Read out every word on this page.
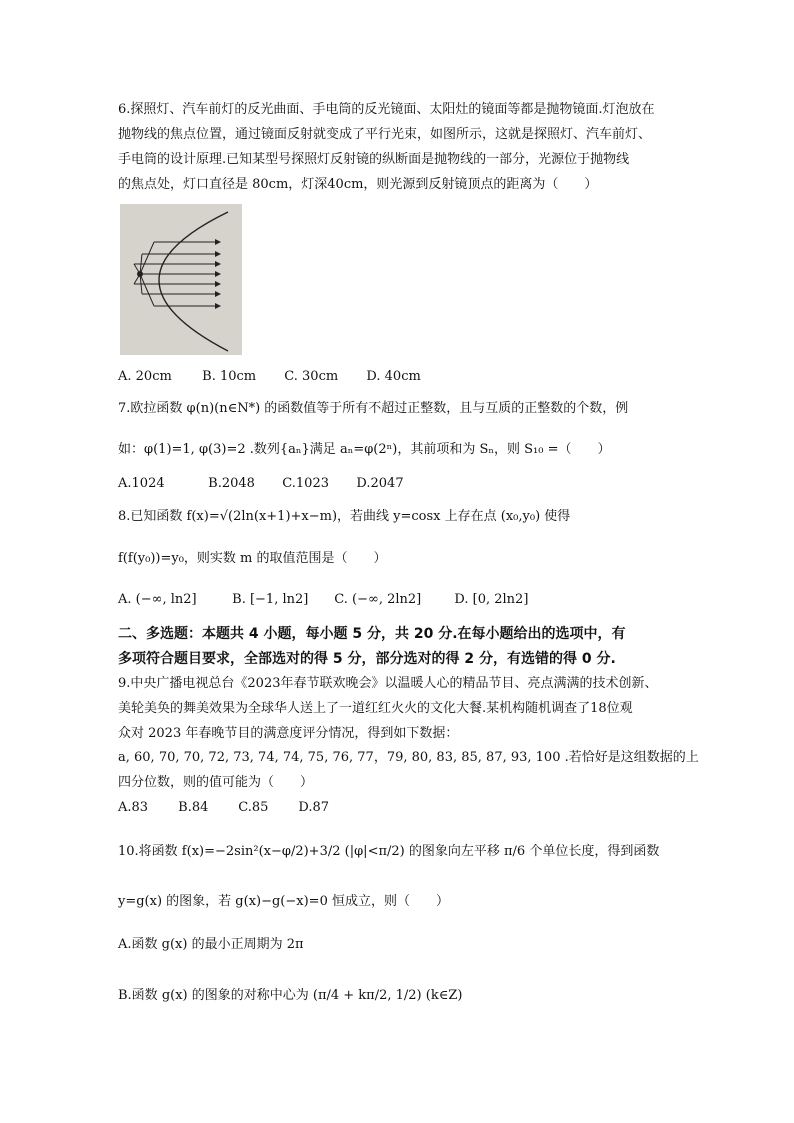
6.探照灯、汽车前灯的反光曲面、手电筒的反光镜面、太阳灶的镜面等都是抛物镜面.灯泡放在
抛物线的焦点位置，通过镜面反射就变成了平行光束，如图所示，这就是探照灯、汽车前灯、
手电筒的设计原理.已知某型号探照灯反射镜的纵断面是抛物线的一部分，光源位于抛物线
的焦点处，灯口直径是 80cm，灯深40cm，则光源到反射镜顶点的距离为（　　）
A. 20cm B. 10cm C. 30cm D. 40cm
7.欧拉函数 φ(n)(n∈N*) 的函数值等于所有不超过正整数，且与互质的正整数的个数，例
如：φ(1)=1, φ(3)=2 .数列{aₙ}满足 aₙ=φ(2ⁿ)，其前项和为 Sₙ，则 S₁₀ =（　　）
A.1024	B.2048 C.1023 D.2047
8.已知函数 f(x)=√(2ln(x+1)+x−m)，若曲线 y=cosx 上存在点 (x₀,y₀) 使得
f(f(y₀))=y₀，则实数 m 的取值范围是（　　）
A. (−∞, ln2]	B. [−1, ln2] C. (−∞, 2ln2]	D. [0, 2ln2]
二、多选题：本题共 4 小题，每小题 5 分，共 20 分.在每小题给出的选项中，有
多项符合题目要求，全部选对的得 5 分，部分选对的得 2 分，有选错的得 0 分.
9.中央广播电视总台《2023年春节联欢晚会》以温暖人心的精品节目、亮点满满的技术创新、
美轮美奂的舞美效果为全球华人送上了一道红红火火的文化大餐.某机构随机调查了18位观
众对 2023 年春晚节目的满意度评分情况，得到如下数据：
a, 60, 70, 70, 72, 73, 74, 74, 75, 76, 77，79, 80, 83, 85, 87, 93, 100 .若恰好是这组数据的上
四分位数，则的值可能为（　　）
A.83 B.84 C.85 D.87
10.将函数 f(x)=−2sin²(x−φ/2)+3/2 (|φ|<π/2) 的图象向左平移 π/6 个单位长度，得到函数
y=g(x) 的图象，若 g(x)−g(−x)=0 恒成立，则（　　）
A.函数 g(x) 的最小正周期为 2π
B.函数 g(x) 的图象的对称中心为 (π/4 + kπ/2, 1/2) (k∈Z)
